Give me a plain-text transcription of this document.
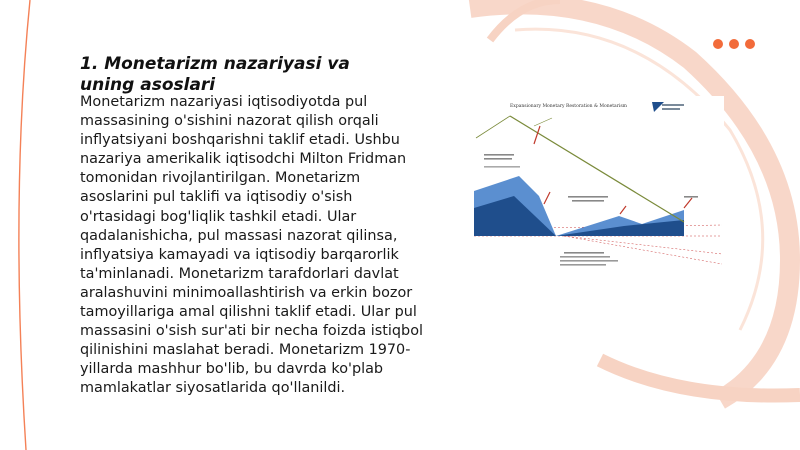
1. Monetarizm nazariyasi va uning asoslari

Monetarizm nazariyasi iqtisodiyotda pul massasining o'sishini nazorat qilish orqali inflyatsiyani boshqarishni taklif etadi. Ushbu nazariya amerikalik iqtisodchi Milton Fridman tomonidan rivojlantirilgan. Monetarizm asoslarini pul taklifi va iqtisodiy o'sish o'rtasidagi bog'liqlik tashkil etadi. Ular qadalanishicha, pul massasi nazorat qilinsa, inflyatsiya kamayadi va iqtisodiy barqarorlik ta'minlanadi. Monetarizm tarafdorlari davlat aralashuvini minimoallashtirish va erkin bozor tamoyillariga amal qilishni taklif etadi. Ular pul massasini o'sish sur'ati bir necha foizda istiqbol qilinishini maslahat beradi. Monetarizm 1970-yillarda mashhur bo'lib, bu davrda ko'plab mamlakatlar siyosatlarida qo'llanildi.

Expansionary Monetary Restoration & Monetarism
